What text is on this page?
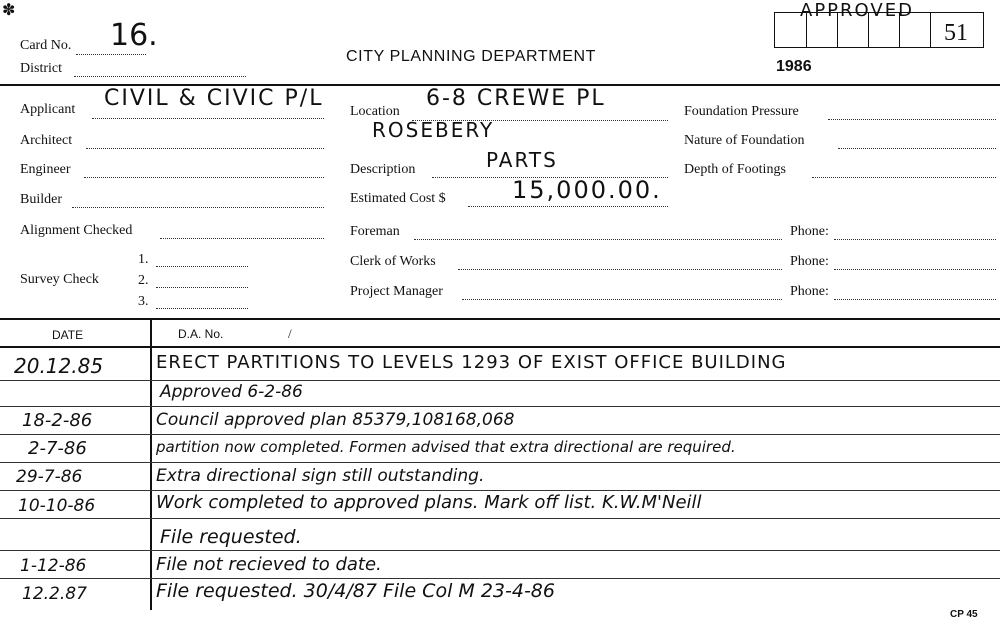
✽
Card No. 16.
District
CITY PLANNING DEPARTMENT
APPROVED
51
1986
Applicant CIVIL & CIVIC P/L
Architect
Engineer
Builder
Alignment Checked
Survey Check
1.
2.
3.
Location
6-8 CREWE PL
ROSEBERY
Description	PARTS
Estimated Cost $	15,000.00.
Foreman
Clerk of Works
Project Manager
Foundation Pressure
Nature of Foundation
Depth of Footings
Phone:
Phone:
Phone:
DATE	D.A. No.	/
20.12.85	ERECT PARTITIONS TO LEVELS 1293 OF EXIST OFFICE BUILDING
Approved 6-2-86
18-2-86	Council approved plan 85379,108168,068
2-7-86	partition now completed. Formen advised that extra directional are required.
29-7-86	Extra directional sign still outstanding.
10-10-86	Work completed to approved plans. Mark off list. K.W.M'Neill
File requested.
1-12-86	File not recieved to date.
12.2.87	File requested. 30/4/87 File Col M 23-4-86
CP 45
